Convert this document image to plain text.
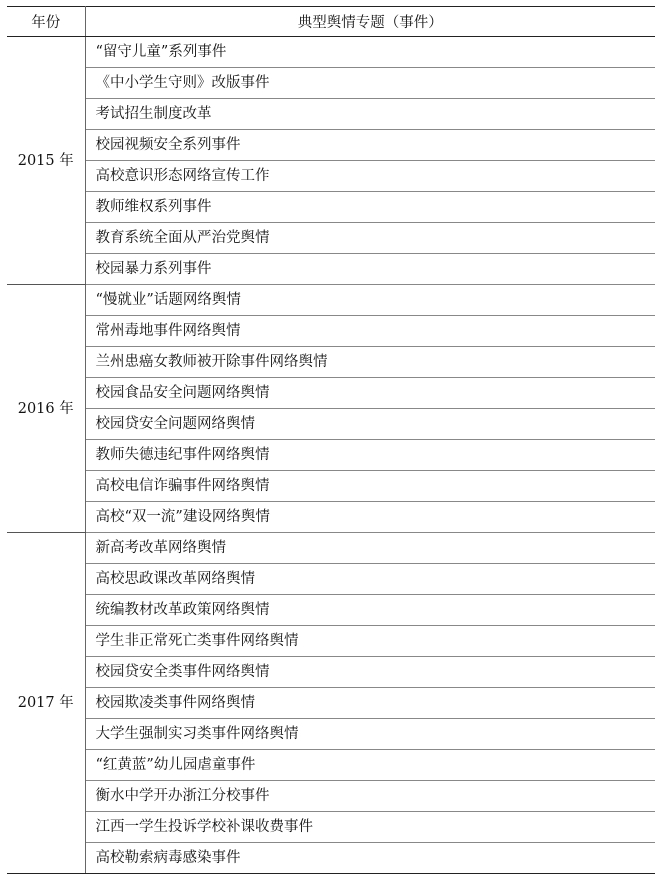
年份	典型舆情专题（事件）
2015 年	“留守儿童”系列事件
	《中小学生守则》改版事件
	考试招生制度改革
	校园视频安全系列事件
	高校意识形态网络宣传工作
	教师维权系列事件
	教育系统全面从严治党舆情
	校园暴力系列事件
2016 年	“慢就业”话题网络舆情
	常州毒地事件网络舆情
	兰州患癌女教师被开除事件网络舆情
	校园食品安全问题网络舆情
	校园贷安全问题网络舆情
	教师失德违纪事件网络舆情
	高校电信诈骗事件网络舆情
	高校“双一流”建设网络舆情
2017 年	新高考改革网络舆情
	高校思政课改革网络舆情
	统编教材改革政策网络舆情
	学生非正常死亡类事件网络舆情
	校园贷安全类事件网络舆情
	校园欺凌类事件网络舆情
	大学生强制实习类事件网络舆情
	“红黄蓝”幼儿园虐童事件
	衡水中学开办浙江分校事件
	江西一学生投诉学校补课收费事件
	高校勒索病毒感染事件
